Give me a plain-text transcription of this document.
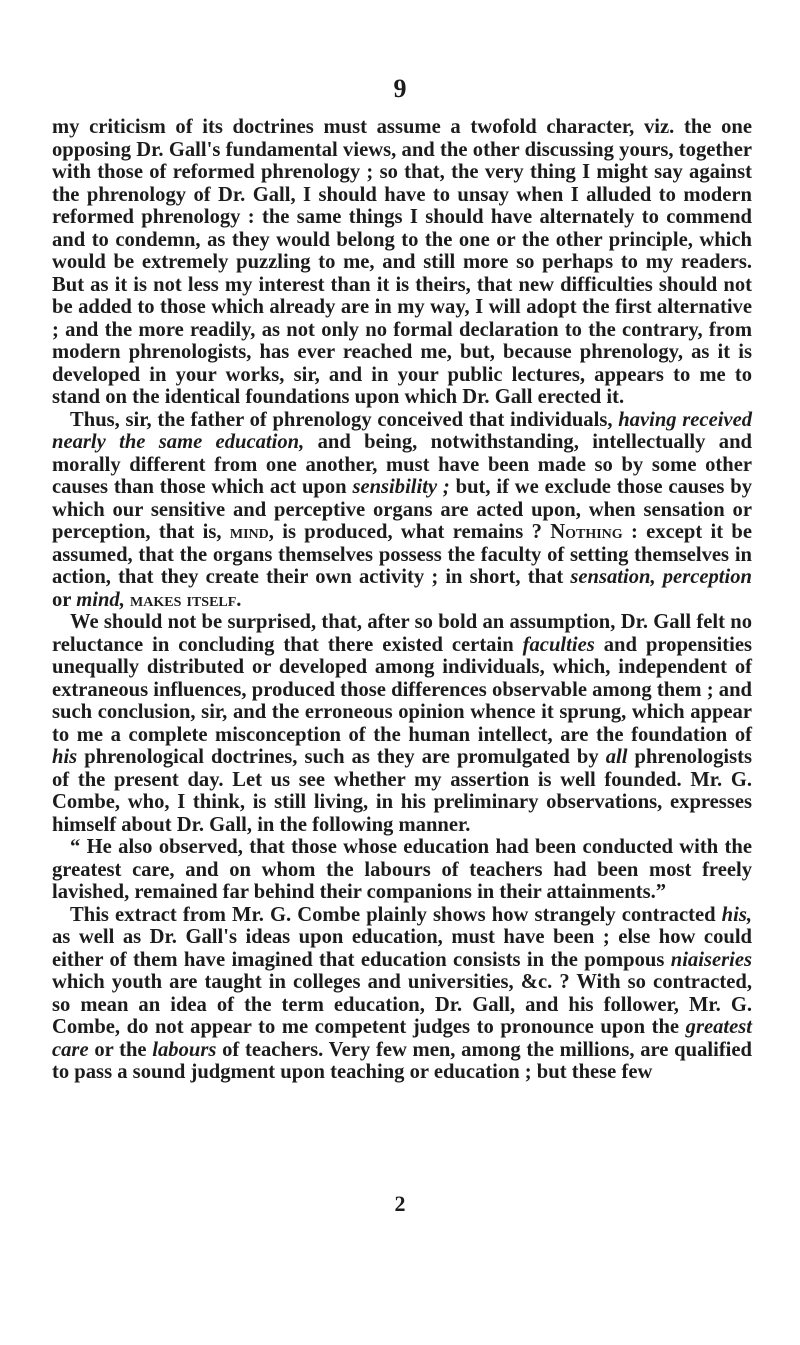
9

my criticism of its doctrines must assume a twofold character, viz. the one opposing Dr. Gall's fundamental views, and the other discussing yours, together with those of reformed phrenology ; so that, the very thing I might say against the phrenology of Dr. Gall, I should have to unsay when I alluded to modern reformed phrenology : the same things I should have alternately to commend and to condemn, as they would belong to the one or the other principle, which would be extremely puzzling to me, and still more so perhaps to my readers. But as it is not less my interest than it is theirs, that new difficulties should not be added to those which already are in my way, I will adopt the first alternative ; and the more readily, as not only no formal declaration to the contrary, from modern phrenologists, has ever reached me, but, because phrenology, as it is developed in your works, sir, and in your public lectures, appears to me to stand on the identical foundations upon which Dr. Gall erected it.

Thus, sir, the father of phrenology conceived that individuals, having received nearly the same education, and being, notwithstanding, intellectually and morally different from one another, must have been made so by some other causes than those which act upon sensibility ; but, if we exclude those causes by which our sensitive and perceptive organs are acted upon, when sensation or perception, that is, mind, is produced, what remains ? Nothing : except it be assumed, that the organs themselves possess the faculty of setting themselves in action, that they create their own activity ; in short, that sensation, perception or mind, makes itself.

We should not be surprised, that, after so bold an assumption, Dr. Gall felt no reluctance in concluding that there existed certain faculties and propensities unequally distributed or developed among individuals, which, independent of extraneous influences, produced those differences observable among them ; and such conclusion, sir, and the erroneous opinion whence it sprung, which appear to me a complete misconception of the human intellect, are the foundation of his phrenological doctrines, such as they are promulgated by all phrenologists of the present day. Let us see whether my assertion is well founded. Mr. G. Combe, who, I think, is still living, in his preliminary observations, expresses himself about Dr. Gall, in the following manner.

“ He also observed, that those whose education had been conducted with the greatest care, and on whom the labours of teachers had been most freely lavished, remained far behind their companions in their attainments.”

This extract from Mr. G. Combe plainly shows how strangely contracted his, as well as Dr. Gall's ideas upon education, must have been ; else how could either of them have imagined that education consists in the pompous niaiseries which youth are taught in colleges and universities, &c. ? With so contracted, so mean an idea of the term education, Dr. Gall, and his follower, Mr. G. Combe, do not appear to me competent judges to pronounce upon the greatest care or the labours of teachers. Very few men, among the millions, are qualified to pass a sound judgment upon teaching or education ; but these few

2
